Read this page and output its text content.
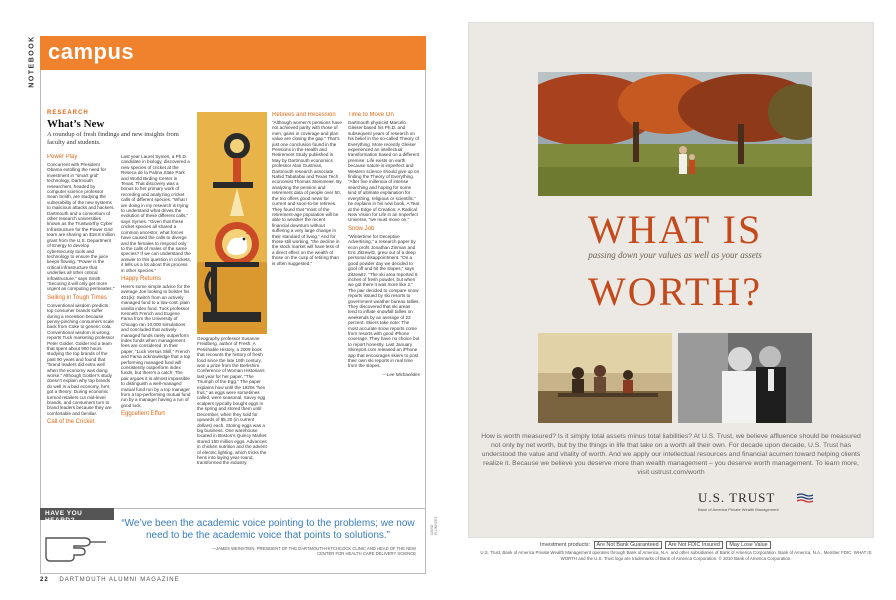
NOTEBOOK campus
RESEARCH
What’s New
A roundup of fresh findings and new insights from faculty and students.
Power Play

Concurrent with President Obama extolling the need for investment in “smart grid” technology, Dartmouth researchers, headed by computer science professor Sean Smith, are studying the vulnerability of the new systems to malicious attacks and hackers. Dartmouth and a consortium of other research universities known as the Trustworthy Cyber Infrastructure for the Power Grid team are sharing an $18.8 million grant from the U.S. Department of Energy to develop cybersecurity tools and technology to ensure the juice keeps flowing. “Power is the critical infrastructure that underlies all other critical infrastructure,” says Smith. “Securing it will only get more urgent as computing permeates.”

Selling in Tough Times

Conventional wisdom predicts top consumer brands suffer during a recession because penny-pinching consumers scale back from Coke to generic cola. Conventional wisdom is wrong, reports Tuck marketing professor Peter Golder. Golder led a team that spent about 900 hours studying the top brands of the past 90 years and found that “brand leaders did extra well when the economy was doing worse.” Although Golder’s study doesn’t explain why top brands do well in a bad economy, he’s got a theory: During economic turmoil retailers cut mid-level brands, and consumers turn to brand leaders because they are comfortable and familiar.

Call of the Cricket

Last year Laurel Symes, a Ph.D. candidate in biology, discovered a new species of cricket at the Reseca de la Palma State Park and World Birding Center in Texas. That discovery was a bonus to her primary work of recording and analyzing cricket calls of different species. “What I am doing in my research is trying to understand what drives the evolution of these different calls,” says Symes. “Given that these cricket species all shared a common ancestor, what forces have caused the calls to diverge and the females to respond only to the calls of males of the same species? If we can understand the answer to this question in crickets, it tells us a lot about this process in other species.”

Happy Returns

Here’s some simple advice for the average Joe looking to bolster his 401(k): Switch from an actively managed fund to a low-cost, plain vanilla index fund. Tuck professor Kenneth French and Eugene Fama from the University of Chicago ran 10,000 simulations and concluded that actively managed funds rarely outperform index funds when management fees are considered. In their paper, “Luck Versus Skill,” French and Fama acknowledge that a top performing managed fund will consistently outperform index funds, but there’s a catch: The pair argues it is almost impossible to distinguish a well-managed mutual fund run by a top manager from a top-performing mutual fund run by a manager having a run of good luck.

Eggcellent Effort

Geography professor Susanne Freidberg, author of Fresh: A Perishable History, a 2009 book that recounts the history of fresh food since the late 19th century, won a prize from the Berkshire Conference of Woman Historians last year for her paper, “The Triumph of the Egg.” The paper explains how until the 1920s “hen fruit,” as eggs were sometimes called, were seasonal. Savvy egg scalpers typically bought eggs in the spring and stored them until December, when they sold for upwards of $5.30 (in current dollars) each. Storing eggs was a big business. One warehouse located in Boston’s Quincy Market stored 150 million eggs. Advances in chicken nutrition and the advent of electric lighting, which tricks the hens into laying year-round, transformed the industry.

Retirees and Recession

“Although women’s pensions have not achieved parity with those of men, gains in coverage and plan value are closing the gap.” That’s just one conclusion found in the Pensions in the Health and Retirement Study published in May by Dartmouth economics professor Alan Gustman, Dartmouth research associate Nahid Tabatabai and Texas Tech economist Thomas Steinmeier. By analyzing the pension and retirement data of people over 50, the trio offers good news for current and soon-to-be retirees. They found that “most of the retirement-age population will be able to weather the recent financial downturn without suffering a very large change in their standard of living.” And for those still working, “the decline in the stock market will have less of a direct effect on the wealth of those on the cusp of retiring than is often suggested.”

Time to Move On

Dartmouth physicist Marcelo Gleiser based his Ph.D. and subsequent years of research on his belief in the so-called Theory of Everything. More recently Gleiser experienced an intellectual transformation based on a different premise: Life exists on earth because nature is imperfect and Western science should give up on finding the Theory of Everything. “After five millennia of intense searching and hoping for some kind of ultimate explanation for everything, religious or scientific,” he explains in his new book, A Tear at the Edge of Creation: A Radical New Vision for Life in an Imperfect Universe, “we must move on.”

Snow Job

“Wintertime for Deceptive Advertising,” a research paper by econ profs Jonathan Zinman and Eric Zitzewitz, grew out of a deep personal disappointment. “On a good powder day we decided to goof off and hit the slopes,” says Zitzewitz. “The ski area reported 6 inches of fresh powder, but when we got there it was more like 2.” The pair decided to compare snow reports issued by ski resorts to government weather bureau tallies. They discovered that ski areas tend to inflate snowfall tallies on weekends by an average of 23 percent. Skiers take note: The most accurate snow reports come from resorts with good iPhone coverage. They have no choice but to report honestly. Last January Skireport.com released an iPhone app that encourages skiers to post their own ski reports in real time from the slopes.

—Lee Michaelides

HAVE YOU HEARD?	“We’ve been the academic voice pointing to the problems; we now need to be the academic voice that points to solutions.”
—JAMES WEINSTEIN, PRESIDENT OF THE DARTMOUTH-HITCHCOCK CLINIC AND HEAD OF THE NEW CENTER FOR HEALTH CARE DELIVERY SCIENCE
DAVID PLUNKERT
22 DARTMOUTH ALUMNI MAGAZINE
WHAT IS
passing down your values as well as your assets
WORTH?
How is worth measured? Is it simply total assets minus total liabilities? At U.S. Trust, we believe affluence should be measured not only by net worth, but by the things in life that take on a worth all their own. For decade upon decade, U.S. Trust has understood the value and vitality of worth. And we apply our intellectual resources and financial acumen toward helping clients realize it. Because we believe you deserve more than wealth management – you deserve worth management. To learn more, visit ustrust.com/worth
U.S. TRUST
Bank of America Private Wealth Management
Investment products: Are Not Bank Guaranteed Are Not FDIC Insured May Lose Value
U.S. Trust, Bank of America Private Wealth Management operates through Bank of America, N.A. and other subsidiaries of Bank of America Corporation. Bank of America, N.A., Member FDIC. WHAT IS WORTH and the U.S. Trust logo are trademarks of Bank of America Corporation. © 2010 Bank of America Corporation.
